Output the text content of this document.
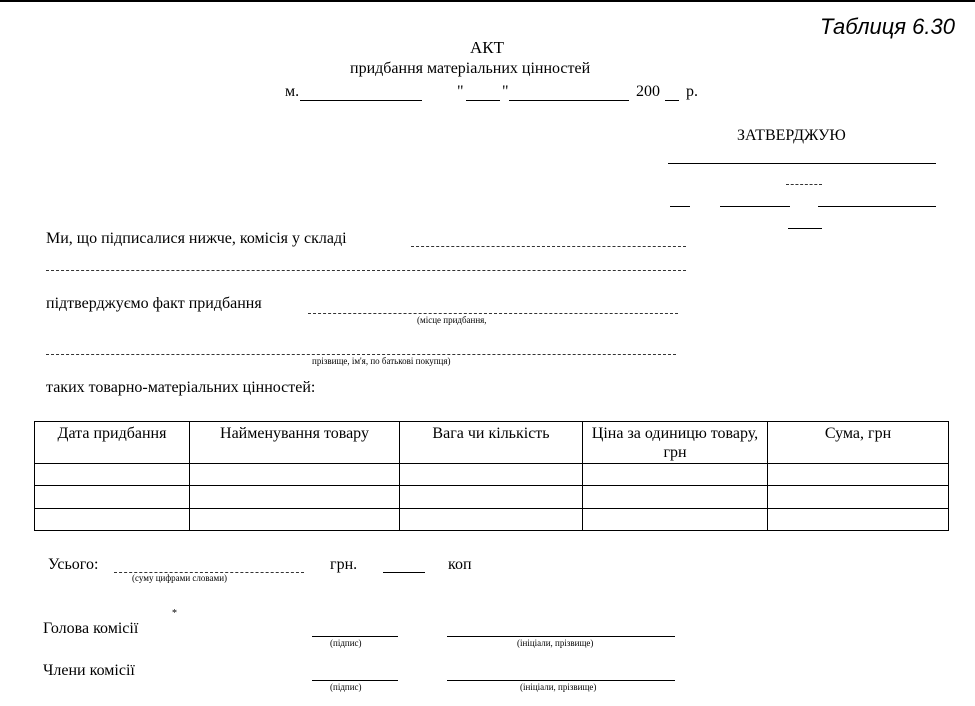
Таблиця 6.30
АКТ
придбання матеріальних цінностей
м.	" "	200 р.
ЗАТВЕРДЖУЮ
Ми, що підписалися нижче, комісія у складі
підтверджуємо факт придбання
(місце придбання,
прізвище, ім'я, по батькові покупця)
таких товарно-матеріальних цінностей:
Дата придбання	Найменування товару	Вага чи кількість	Ціна за одиницю товару, грн	Сума, грн

Усього:
(суму цифрами словами)
грн.	коп
Голова комісії
*
(підпис)	(ініціали, прізвище)
Члени комісії
(підпис)	(ініціали, прізвище)
